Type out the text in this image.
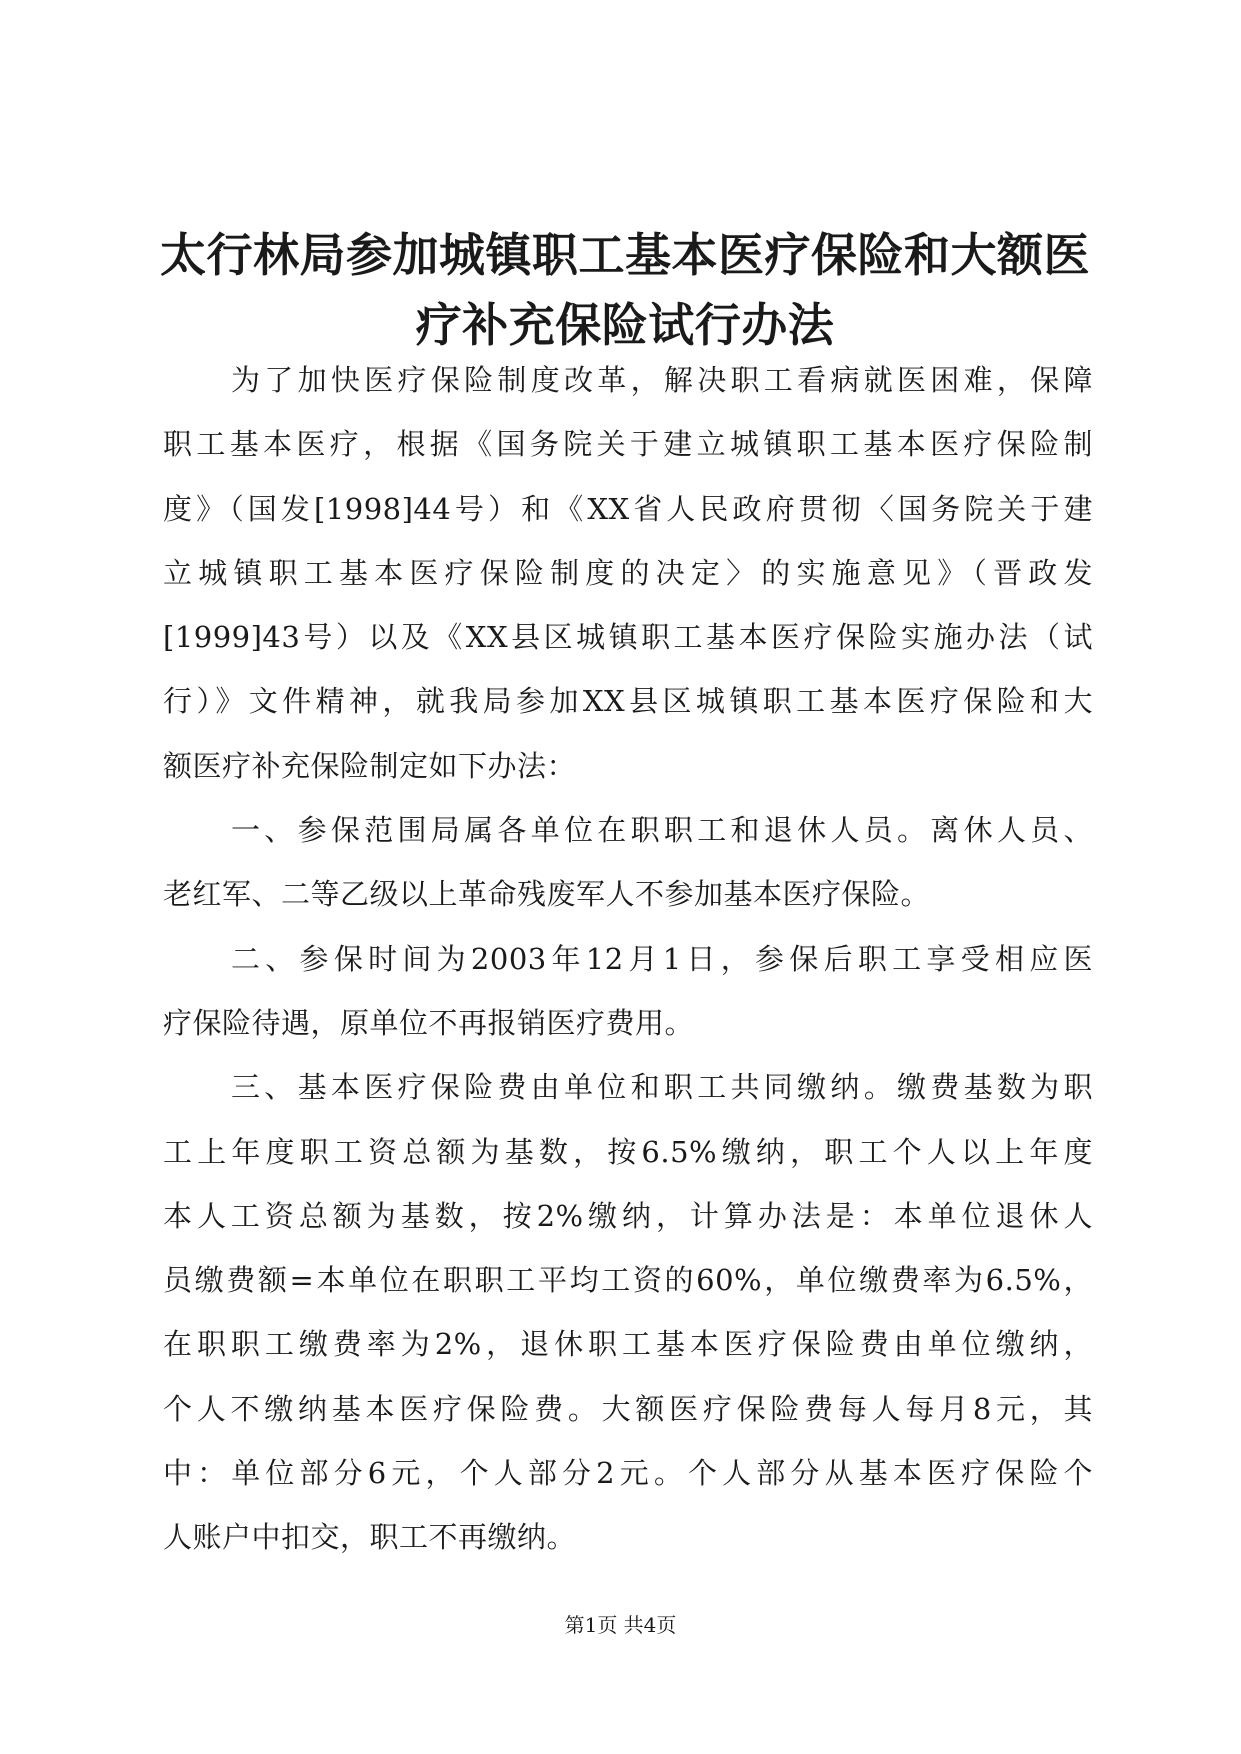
太行林局参加城镇职工基本医疗保险和大额医
疗补充保险试行办法
为了加快医疗保险制度改革，解决职工看病就医困难，保障
职工基本医疗，根据《国务院关于建立城镇职工基本医疗保险制
度》（国发[1998]44号）和《XX省人民政府贯彻〈国务院关于建
立城镇职工基本医疗保险制度的决定〉的实施意见》（晋政发
[1999]43号）以及《XX县区城镇职工基本医疗保险实施办法（试
行）》文件精神，就我局参加XX县区城镇职工基本医疗保险和大
额医疗补充保险制定如下办法：
一、参保范围局属各单位在职职工和退休人员。离休人员、
老红军、二等乙级以上革命残废军人不参加基本医疗保险。
二、参保时间为2003年12月1日，参保后职工享受相应医
疗保险待遇，原单位不再报销医疗费用。
三、基本医疗保险费由单位和职工共同缴纳。缴费基数为职
工上年度职工资总额为基数，按6.5%缴纳，职工个人以上年度
本人工资总额为基数，按2%缴纳，计算办法是：本单位退休人
员缴费额=本单位在职职工平均工资的60%，单位缴费率为6.5%，
在职职工缴费率为2%，退休职工基本医疗保险费由单位缴纳，
个人不缴纳基本医疗保险费。大额医疗保险费每人每月8元，其
中：单位部分6元，个人部分2元。个人部分从基本医疗保险个
人账户中扣交，职工不再缴纳。
第1页 共4页
